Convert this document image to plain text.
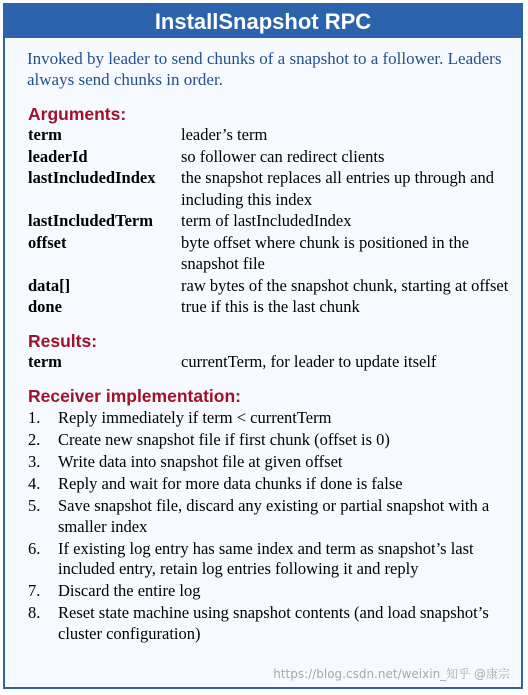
InstallSnapshot RPC
Invoked by leader to send chunks of a snapshot to a follower. Leaders always send chunks in order.
Arguments:
term	leader’s term
leaderId	so follower can redirect clients
lastIncludedIndex	the snapshot replaces all entries up through and including this index
lastIncludedTerm	term of lastIncludedIndex
offset	byte offset where chunk is positioned in the snapshot file
data[]	raw bytes of the snapshot chunk, starting at offset
done	true if this is the last chunk
Results:
term	currentTerm, for leader to update itself
Receiver implementation:
1.	Reply immediately if term < currentTerm
2.	Create new snapshot file if first chunk (offset is 0)
3.	Write data into snapshot file at given offset
4.	Reply and wait for more data chunks if done is false
5.	Save snapshot file, discard any existing or partial snapshot with a smaller index
6.	If existing log entry has same index and term as snapshot’s last included entry, retain log entries following it and reply
7.	Discard the entire log
8.	Reset state machine using snapshot contents (and load snapshot’s cluster configuration)
https://blog.csdn.net/weixin_知乎 @康宗
